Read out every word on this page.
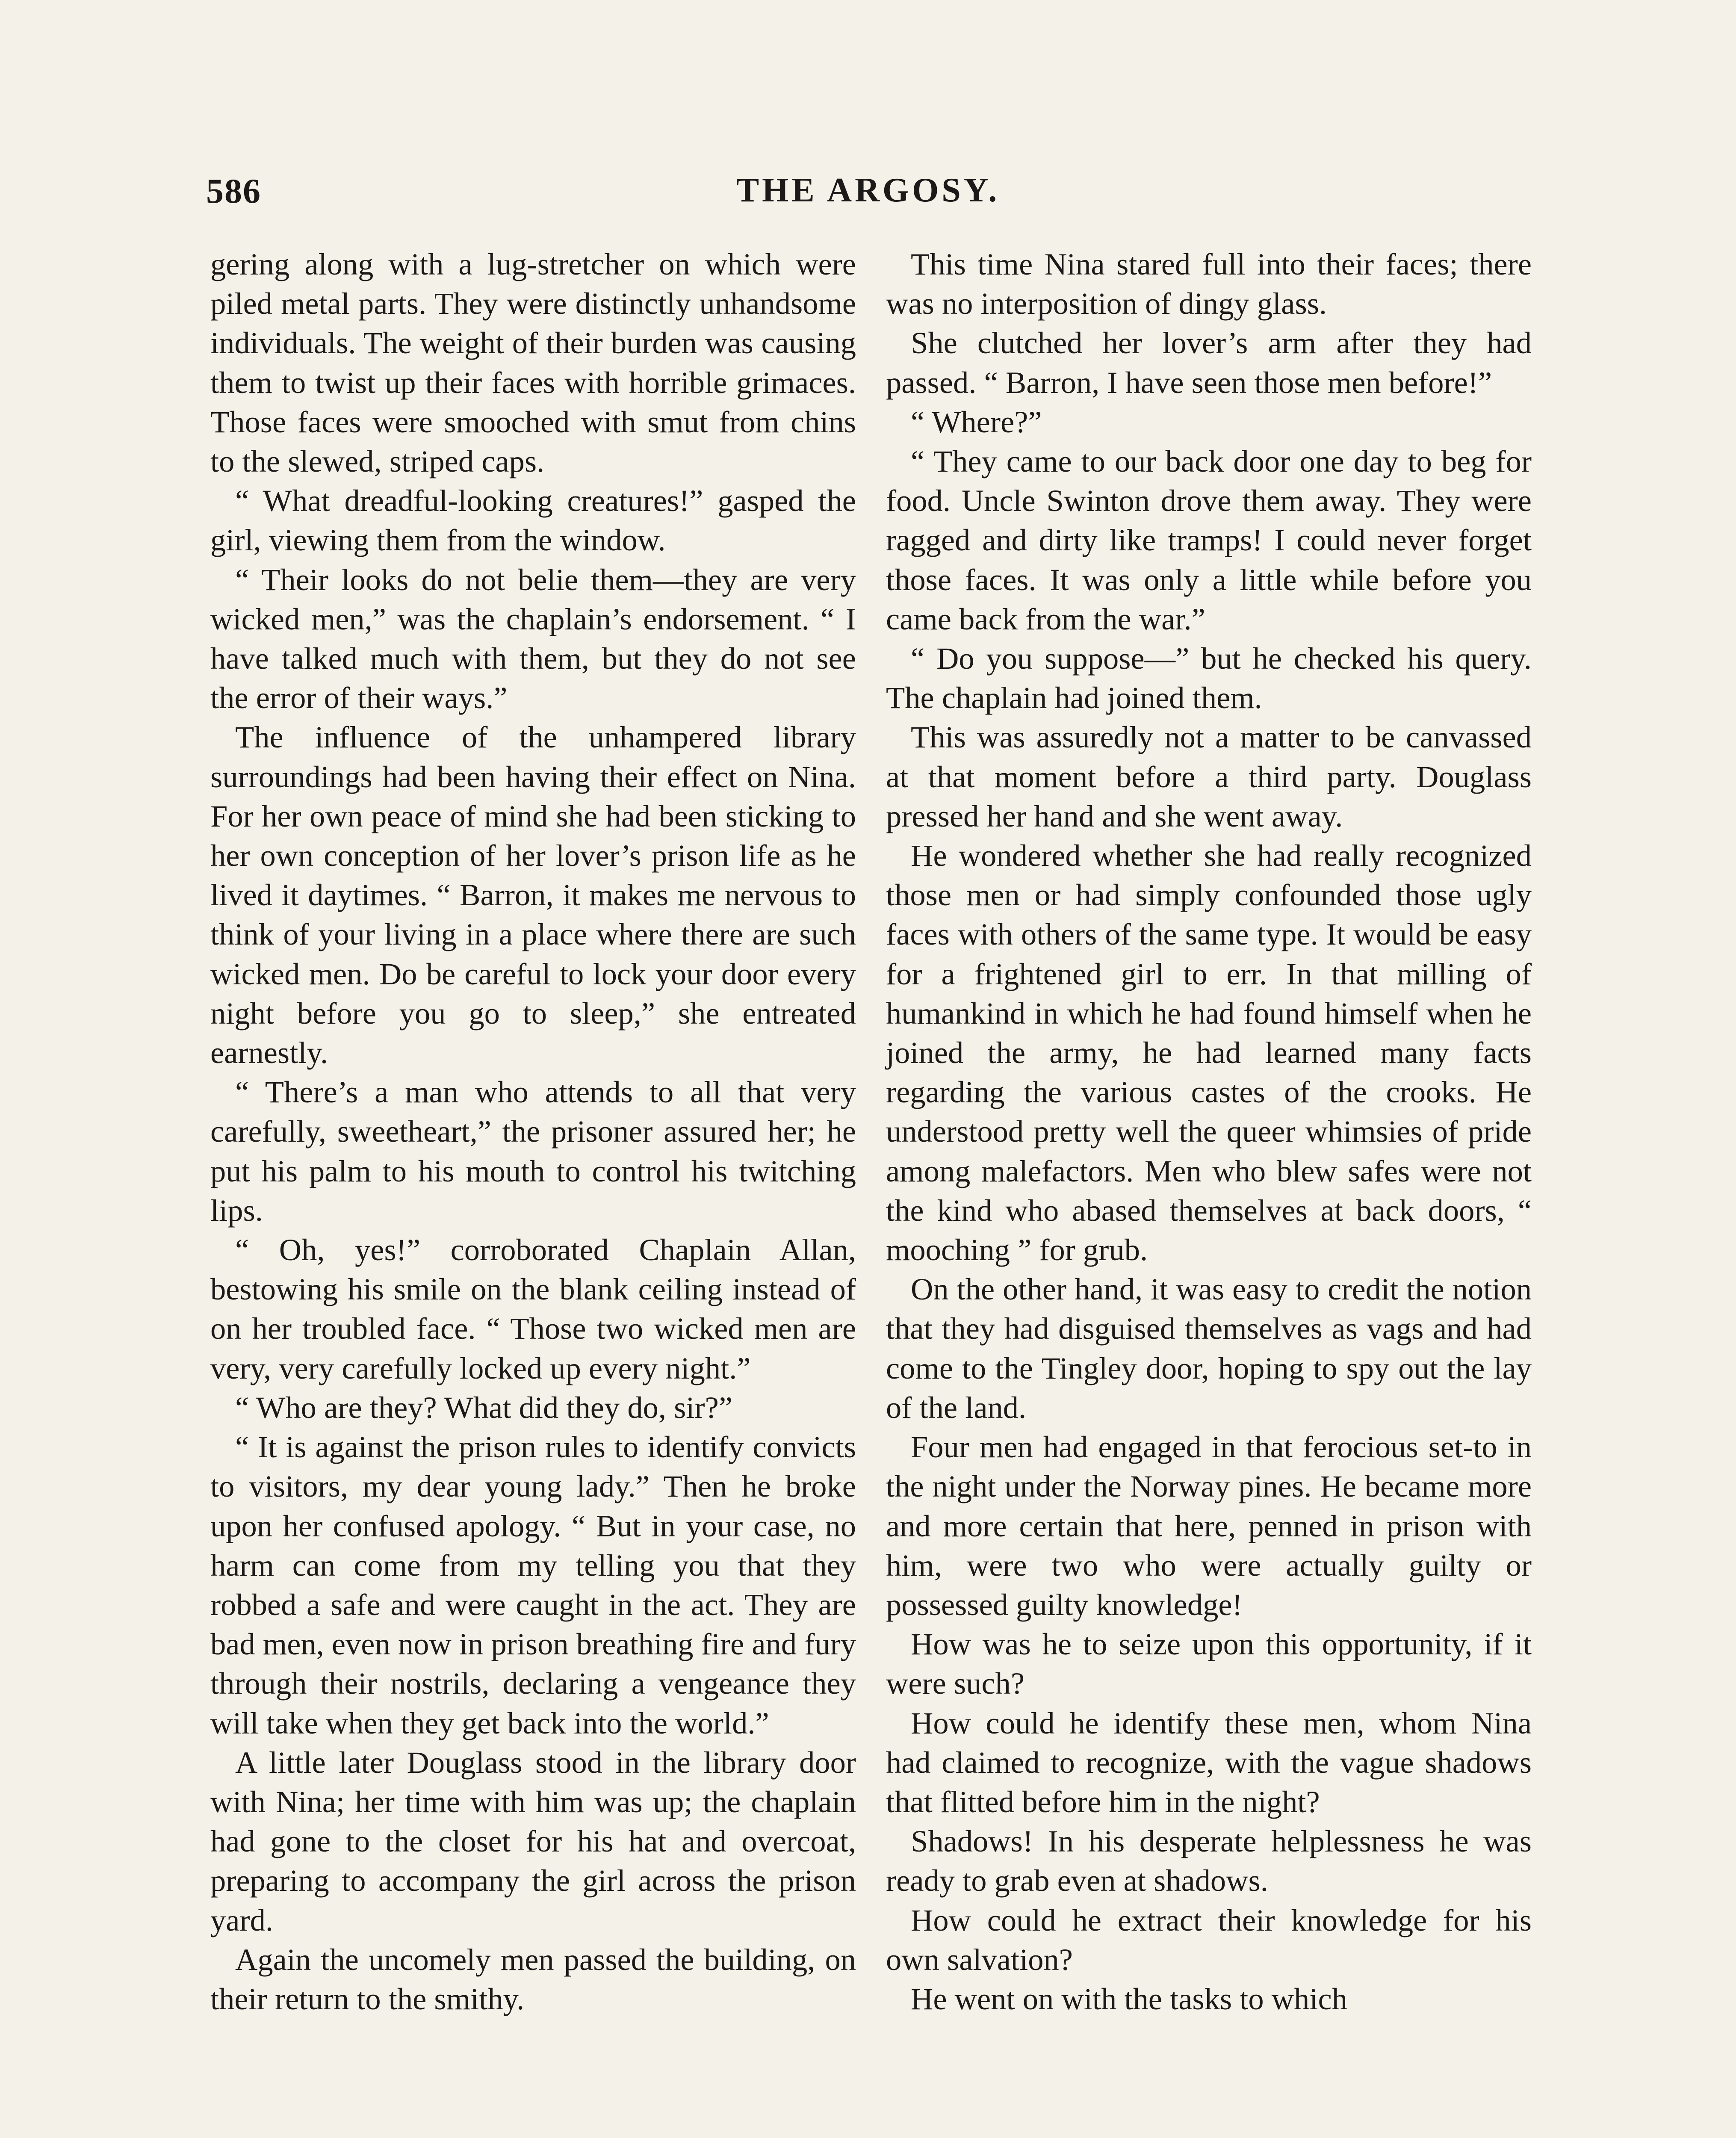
586	THE ARGOSY.

gering along with a lug-stretcher on which were piled metal parts. They were distinctly unhandsome individuals. The weight of their burden was causing them to twist up their faces with horrible grimaces. Those faces were smooched with smut from chins to the slewed, striped caps.

“ What dreadful-looking creatures!” gasped the girl, viewing them from the window.

“ Their looks do not belie them—they are very wicked men,” was the chaplain’s endorsement. “ I have talked much with them, but they do not see the error of their ways.”

The influence of the unhampered library surroundings had been having their effect on Nina. For her own peace of mind she had been sticking to her own conception of her lover’s prison life as he lived it daytimes. “ Barron, it makes me nervous to think of your living in a place where there are such wicked men. Do be careful to lock your door every night before you go to sleep,” she entreated earnestly.

“ There’s a man who attends to all that very carefully, sweetheart,” the prisoner assured her; he put his palm to his mouth to control his twitching lips.

“ Oh, yes!” corroborated Chaplain Allan, bestowing his smile on the blank ceiling instead of on her troubled face. “ Those two wicked men are very, very carefully locked up every night.”

“ Who are they? What did they do, sir?”

“ It is against the prison rules to identify convicts to visitors, my dear young lady.” Then he broke upon her confused apology. “ But in your case, no harm can come from my telling you that they robbed a safe and were caught in the act. They are bad men, even now in prison breathing fire and fury through their nostrils, declaring a vengeance they will take when they get back into the world.”

A little later Douglass stood in the library door with Nina; her time with him was up; the chaplain had gone to the closet for his hat and overcoat, preparing to accompany the girl across the prison yard.

Again the uncomely men passed the building, on their return to the smithy.

This time Nina stared full into their faces; there was no interposition of dingy glass.

She clutched her lover’s arm after they had passed. “ Barron, I have seen those men before!”

“ Where?”

“ They came to our back door one day to beg for food. Uncle Swinton drove them away. They were ragged and dirty like tramps! I could never forget those faces. It was only a little while before you came back from the war.”

“ Do you suppose—” but he checked his query. The chaplain had joined them.

This was assuredly not a matter to be canvassed at that moment before a third party. Douglass pressed her hand and she went away.

He wondered whether she had really recognized those men or had simply confounded those ugly faces with others of the same type. It would be easy for a frightened girl to err. In that milling of humankind in which he had found himself when he joined the army, he had learned many facts regarding the various castes of the crooks. He understood pretty well the queer whimsies of pride among malefactors. Men who blew safes were not the kind who abased themselves at back doors, “ mooching ” for grub.

On the other hand, it was easy to credit the notion that they had disguised themselves as vags and had come to the Tingley door, hoping to spy out the lay of the land.

Four men had engaged in that ferocious set-to in the night under the Norway pines. He became more and more certain that here, penned in prison with him, were two who were actually guilty or possessed guilty knowledge!

How was he to seize upon this opportunity, if it were such?

How could he identify these men, whom Nina had claimed to recognize, with the vague shadows that flitted before him in the night?

Shadows! In his desperate helplessness he was ready to grab even at shadows.

How could he extract their knowledge for his own salvation?

He went on with the tasks to which
